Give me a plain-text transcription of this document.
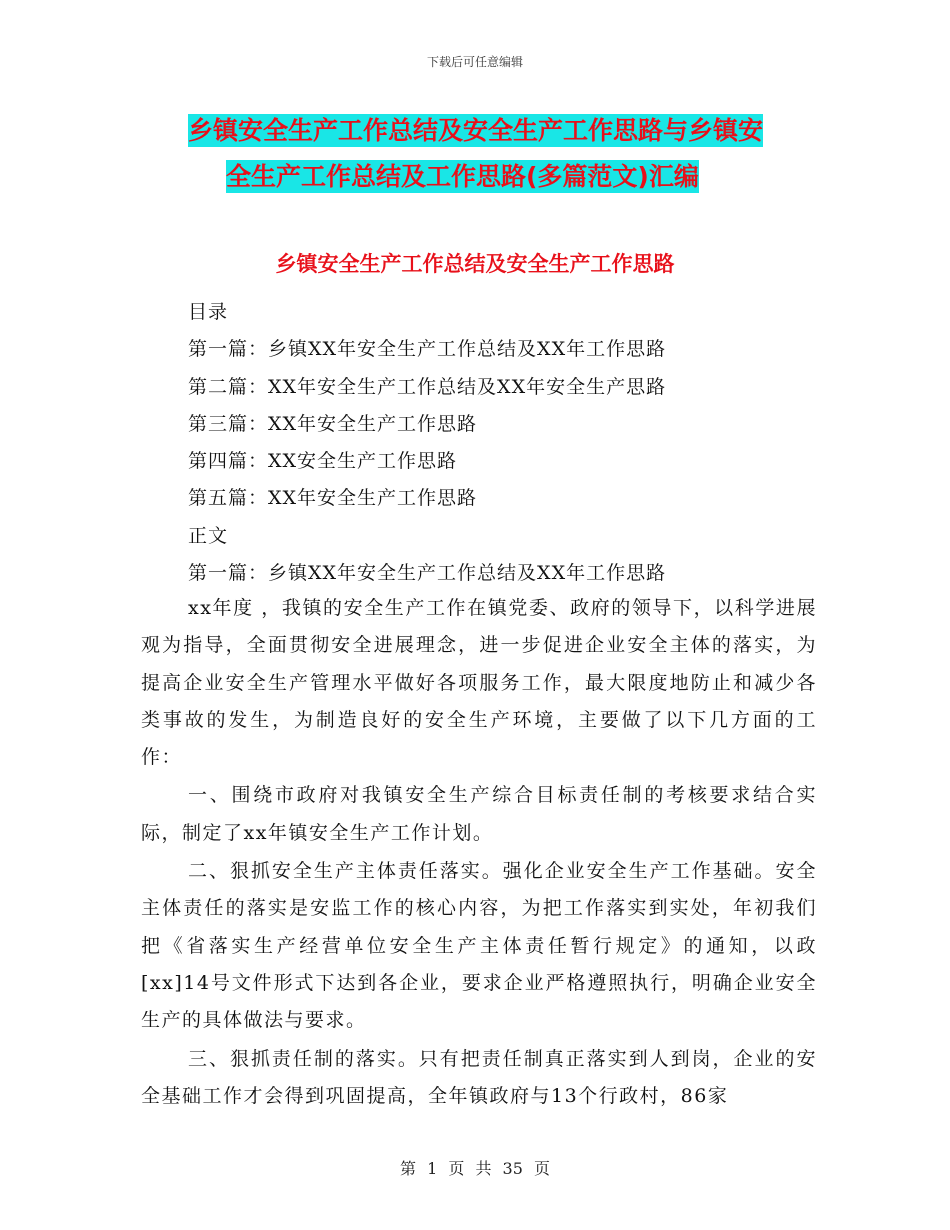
下载后可任意编辑
乡镇安全生产工作总结及安全生产工作思路与乡镇安
全生产工作总结及工作思路(多篇范文)汇编
乡镇安全生产工作总结及安全生产工作思路
目录
第一篇：乡镇XX年安全生产工作总结及XX年工作思路
第二篇：XX年安全生产工作总结及XX年安全生产思路
第三篇：XX年安全生产工作思路
第四篇：XX安全生产工作思路
第五篇：XX年安全生产工作思路
正文
第一篇：乡镇XX年安全生产工作总结及XX年工作思路

xx年度 ，我镇的安全生产工作在镇党委、政府的领导下，以科学进展观为指导，全面贯彻安全进展理念，进一步促进企业安全主体的落实，为提高企业安全生产管理水平做好各项服务工作，最大限度地防止和减少各类事故的发生，为制造良好的安全生产环境，主要做了以下几方面的工作：

一、围绕市政府对我镇安全生产综合目标责任制的考核要求结合实际，制定了xx年镇安全生产工作计划。

二、狠抓安全生产主体责任落实。强化企业安全生产工作基础。安全主体责任的落实是安监工作的核心内容，为把工作落实到实处，年初我们把《省落实生产经营单位安全生产主体责任暂行规定》的通知，以政[xx]14号文件形式下达到各企业，要求企业严格遵照执行，明确企业安全生产的具体做法与要求。

三、狠抓责任制的落实。只有把责任制真正落实到人到岗，企业的安全基础工作才会得到巩固提高，全年镇政府与13个行政村，86家

第 1 页 共 35 页
